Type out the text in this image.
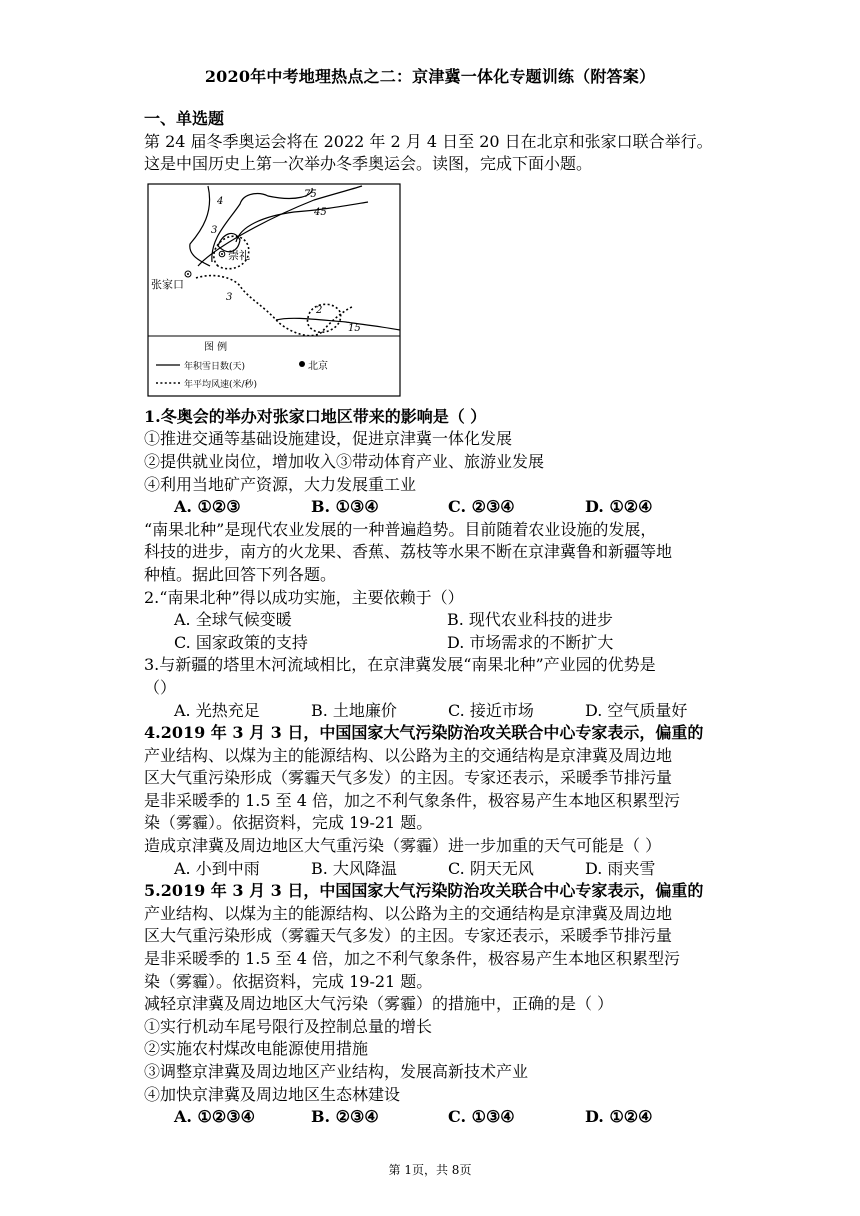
2020年中考地理热点之二：京津冀一体化专题训练（附答案）
一、单选题
第 24 届冬季奥运会将在 2022 年 2 月 4 日至 20 日在北京和张家口联合举行。
这是中国历史上第一次举办冬季奥运会。读图，完成下面小题。
4
3
75
45
2
15
3
崇礼
张家口
图 例
年积雪日数(天)
年平均风速(米/秒)
北京
1.冬奥会的举办对张家口地区带来的影响是（ ）
①推进交通等基础设施建设，促进京津冀一体化发展
②提供就业岗位，增加收入③带动体育产业、旅游业发展
④利用当地矿产资源，大力发展重工业
A. ①②③	B. ①③④	C. ②③④	D. ①②④
“南果北种”是现代农业发展的一种普遍趋势。目前随着农业设施的发展，
科技的进步，南方的火龙果、香蕉、荔枝等水果不断在京津冀鲁和新疆等地
种植。据此回答下列各题。
2.“南果北种”得以成功实施，主要依赖于（）
A. 全球气候变暖	B. 现代农业科技的进步
C. 国家政策的支持	D. 市场需求的不断扩大
3.与新疆的塔里木河流域相比，在京津冀发展“南果北种”产业园的优势是
（）
A. 光热充足	B. 土地廉价	C. 接近市场	D. 空气质量好
4.2019 年 3 月 3 日，中国国家大气污染防治攻关联合中心专家表示，偏重的
产业结构、以煤为主的能源结构、以公路为主的交通结构是京津冀及周边地
区大气重污染形成（雾霾天气多发）的主因。专家还表示，采暖季节排污量
是非采暖季的 1.5 至 4 倍，加之不利气象条件，极容易产生本地区积累型污
染（雾霾）。依据资料，完成 19-21 题。
造成京津冀及周边地区大气重污染（雾霾）进一步加重的天气可能是（ ）
A. 小到中雨	B. 大风降温	C. 阴天无风	D. 雨夹雪
5.2019 年 3 月 3 日，中国国家大气污染防治攻关联合中心专家表示，偏重的
产业结构、以煤为主的能源结构、以公路为主的交通结构是京津冀及周边地
区大气重污染形成（雾霾天气多发）的主因。专家还表示，采暖季节排污量
是非采暖季的 1.5 至 4 倍，加之不利气象条件，极容易产生本地区积累型污
染（雾霾）。依据资料，完成 19-21 题。
减轻京津冀及周边地区大气污染（雾霾）的措施中，正确的是（ ）
①实行机动车尾号限行及控制总量的增长
②实施农村煤改电能源使用措施
③调整京津冀及周边地区产业结构，发展高新技术产业
④加快京津冀及周边地区生态林建设
A. ①②③④	B. ②③④	C. ①③④	D. ①②④
第 1页，共 8页
